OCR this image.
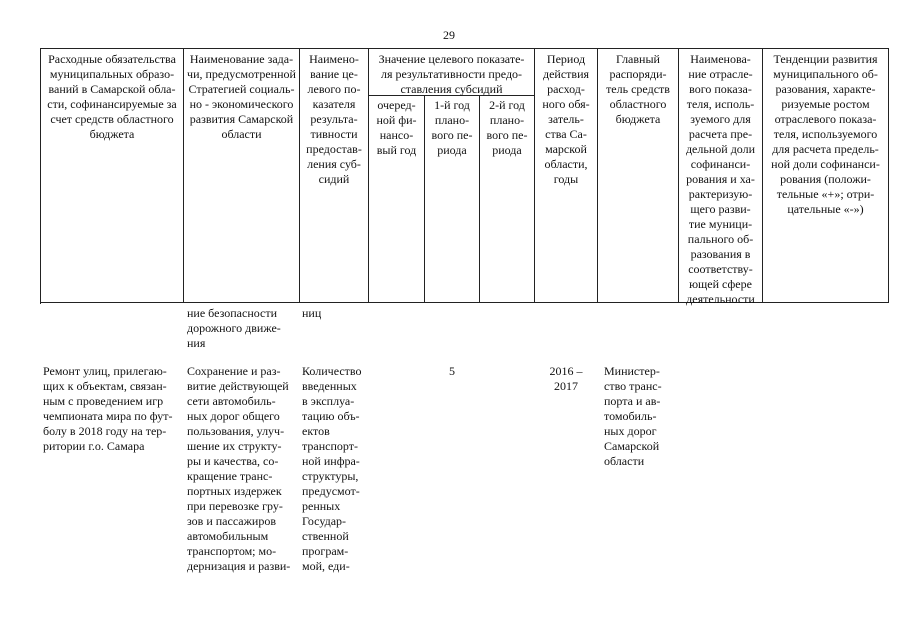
29
Расходные обязательства
муниципальных образо-
ваний в Самарской обла-
сти, софинансируемые за
счет средств областного
бюджета
Наименование зада-
чи, предусмотренной
Стратегией социаль-
но - экономического
развития Самарской
области
Наимено-
вание це-
левого по-
казателя
результа-
тивности
предостав-
ления суб-
сидий
Значение целевого показате-
ля результативности предо-
ставления субсидий
очеред-
ной фи-
нансо-
вый год
1-й год
плано-
вого пе-
риода
2-й год
плано-
вого пе-
риода
Период
действия
расход-
ного обя-
затель-
ства Са-
марской
области,
годы
Главный
распоряди-
тель средств
областного
бюджета
Наименова-
ние отрасле-
вого показа-
теля, исполь-
зуемого для
расчета пре-
дельной доли
софинанси-
рования и ха-
рактеризую-
щего разви-
тие муници-
пального об-
разования в
соответству-
ющей сфере
деятельности
Тенденции развития
муниципального об-
разования, характе-
ризуемые ростом
отраслевого показа-
теля, используемого
для расчета предель-
ной доли софинанси-
рования (положи-
тельные «+»; отри-
цательные «-»)
ние безопасности
дорожного движе-
ния
ниц
Ремонт улиц, прилегаю-
щих к объектам, связан-
ным с проведением игр
чемпионата мира по фут-
болу в 2018 году на тер-
ритории г.о. Самара
Сохранение и раз-
витие действующей
сети автомобиль-
ных дорог общего
пользования, улуч-
шение их структу-
ры и качества, со-
кращение транс-
портных издержек
при перевозке гру-
зов и пассажиров
автомобильным
транспортом; мо-
дернизация и разви-
Количество
введенных
в эксплуа-
тацию объ-
ектов
транспорт-
ной инфра-
структуры,
предусмот-
ренных
Государ-
ственной
програм-
мой, еди-
5	2016 –
2017
Министер-
ство транс-
порта и ав-
томобиль-
ных дорог
Самарской
области
